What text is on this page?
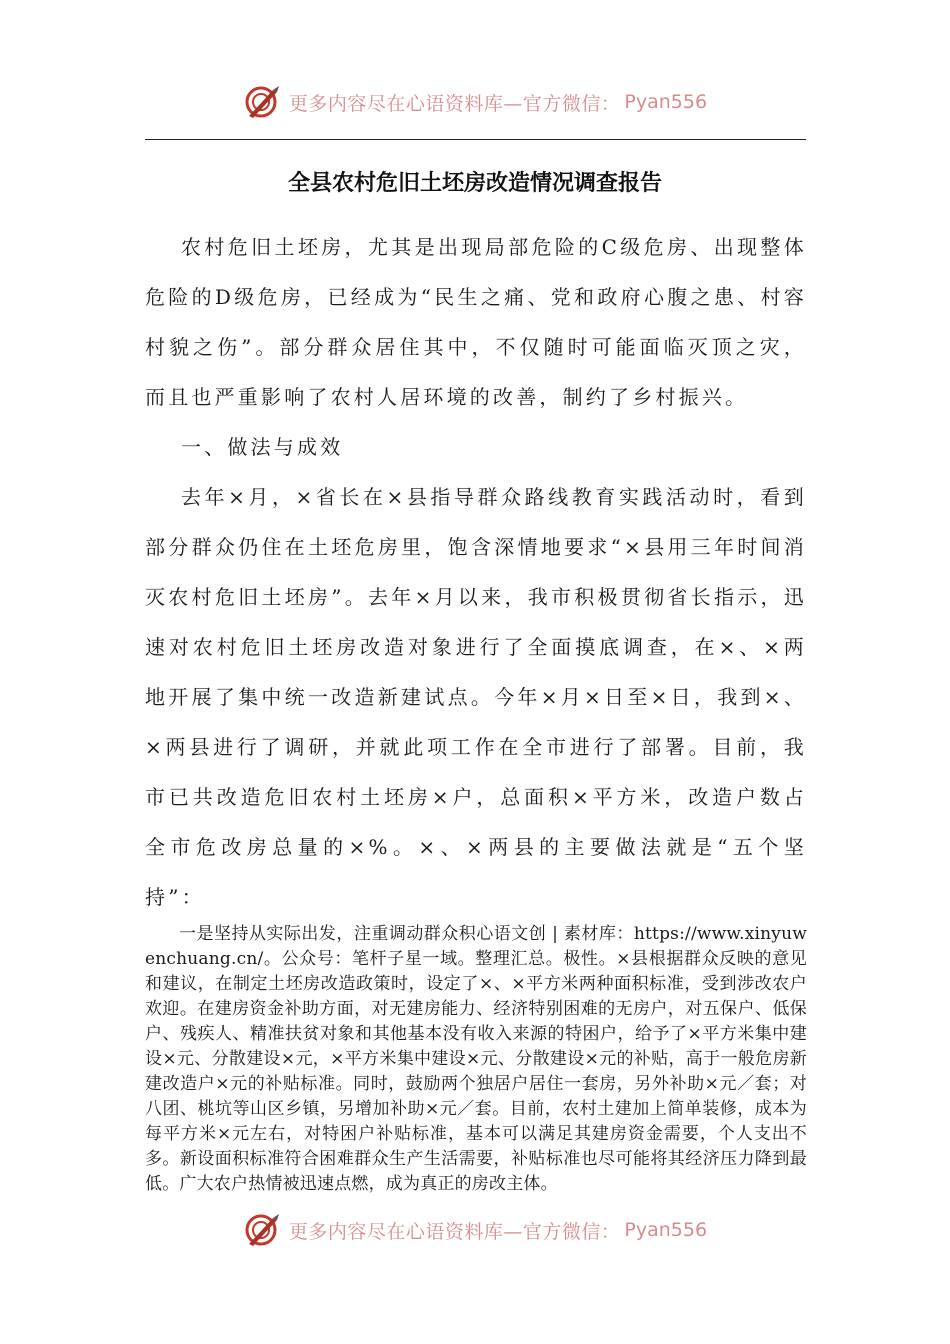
更多内容尽在心语资料库—官方微信： Pyan556
全县农村危旧土坯房改造情况调查报告

农村危旧土坯房，尤其是出现局部危险的C级危房、出现整体危险的D级危房，已经成为“民生之痛、党和政府心腹之患、村容村貌之伤”。部分群众居住其中，不仅随时可能面临灭顶之灾，而且也严重影响了农村人居环境的改善，制约了乡村振兴。

一、做法与成效

去年×月，×省长在×县指导群众路线教育实践活动时，看到部分群众仍住在土坯危房里，饱含深情地要求“×县用三年时间消灭农村危旧土坯房”。去年×月以来，我市积极贯彻省长指示，迅速对农村危旧土坯房改造对象进行了全面摸底调查，在×、×两地开展了集中统一改造新建试点。今年×月×日至×日，我到×、×两县进行了调研，并就此项工作在全市进行了部署。目前，我市已共改造危旧农村土坯房×户，总面积×平方米，改造户数占全市危改房总量的×%。×、×两县的主要做法就是“五个坚持”：

一是坚持从实际出发，注重调动群众积心语文创 | 素材库：https://www.xinyuwenchuang.cn/。公众号：笔杆子星一域。整理汇总。极性。×县根据群众反映的意见和建议，在制定土坯房改造政策时，设定了×、×平方米两种面积标准，受到涉改农户欢迎。在建房资金补助方面，对无建房能力、经济特别困难的无房户，对五保户、低保户、残疾人、精准扶贫对象和其他基本没有收入来源的特困户，给予了×平方米集中建设×元、分散建设×元，×平方米集中建设×元、分散建设×元的补贴，高于一般危房新建改造户×元的补贴标准。同时，鼓励两个独居户居住一套房，另外补助×元／套；对八团、桃坑等山区乡镇，另增加补助×元／套。目前，农村土建加上简单装修，成本为每平方米×元左右，对特困户补贴标准，基本可以满足其建房资金需要，个人支出不多。新设面积标准符合困难群众生产生活需要，补贴标准也尽可能将其经济压力降到最低。广大农户热情被迅速点燃，成为真正的房改主体。

更多内容尽在心语资料库—官方微信： Pyan556
